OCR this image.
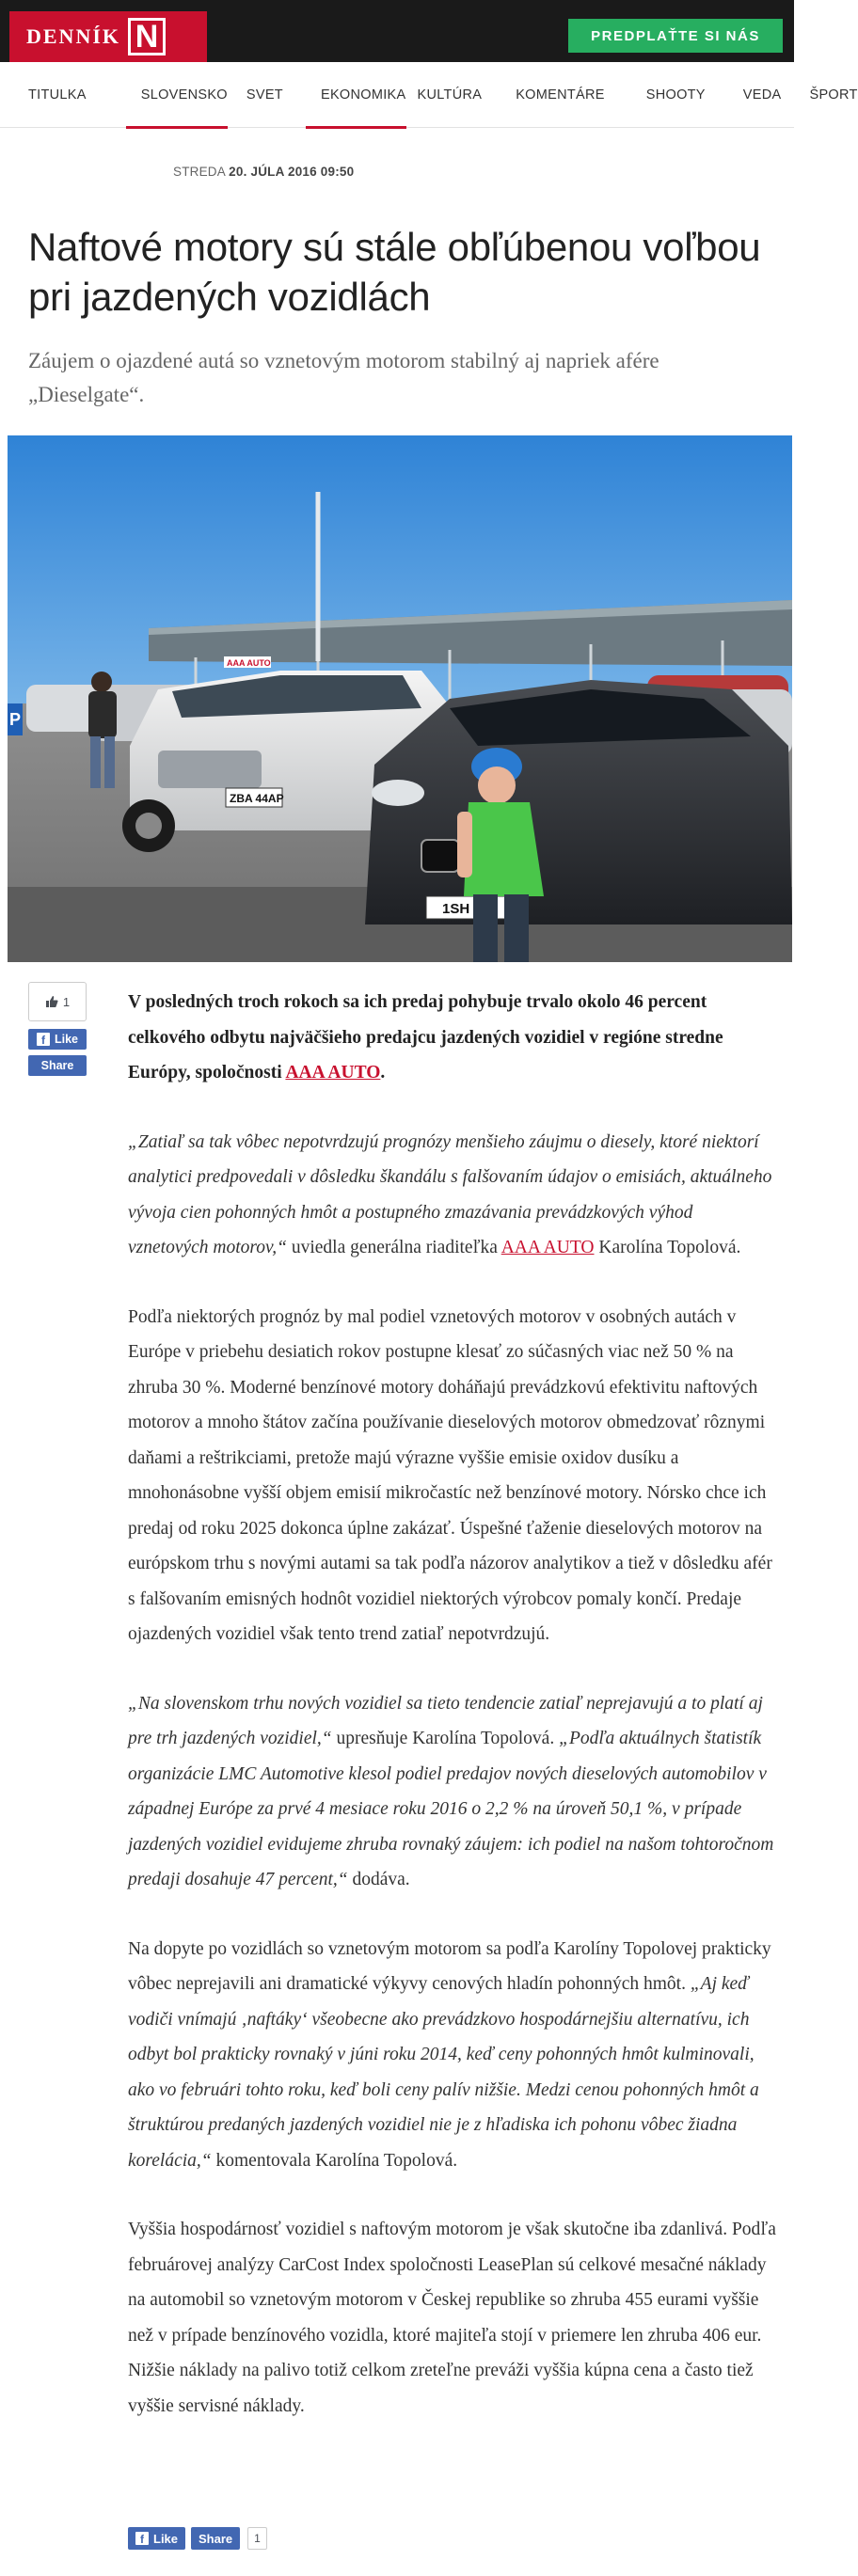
DENNÍK N	PREDPLAŤTE SI NÁS
TITULKA	SLOVENSKO SVET	EKONOMIKA KULTÚRA KOMENTÁRE	SHOOTY	VEDA ŠPORT
STREDA 20. JÚLA 2016 09:50
Naftové motory sú stále obľúbenou voľbou pri jazdených vozidlách
Záujem o ojazdené autá so vznetovým motorom stabilný aj napriek afére „Dieselgate“.
AAA AUTO
P
ZBA 44AP
1SH
1
f Like
Share

V posledných troch rokoch sa ich predaj pohybuje trvalo okolo 46 percent celkového odbytu najväčšieho predajcu jazdených vozidiel v regióne stredne Európy, spoločnosti AAA AUTO.

„Zatiaľ sa tak vôbec nepotvrdzujú prognózy menšieho záujmu o diesely, ktoré niektorí analytici predpovedali v dôsledku škandálu s falšovaním údajov o emisiách, aktuálneho vývoja cien pohonných hmôt a postupného zmazávania prevádzkových výhod vznetových motorov,“ uviedla generálna riaditeľka AAA AUTO Karolína Topolová.

Podľa niektorých prognóz by mal podiel vznetových motorov v osobných autách v Európe v priebehu desiatich rokov postupne klesať zo súčasných viac než 50 % na zhruba 30 %. Moderné benzínové motory doháňajú prevádzkovú efektivitu naftových motorov a mnoho štátov začína používanie dieselových motorov obmedzovať rôznymi daňami a reštrikciami, pretože majú výrazne vyššie emisie oxidov dusíku a mnohonásobne vyšší objem emisií mikročastíc než benzínové motory. Nórsko chce ich predaj od roku 2025 dokonca úplne zakázať. Úspešné ťaženie dieselových motorov na európskom trhu s novými autami sa tak podľa názorov analytikov a tiež v dôsledku afér s falšovaním emisných hodnôt vozidiel niektorých výrobcov pomaly končí. Predaje ojazdených vozidiel však tento trend zatiaľ nepotvrdzujú.

„Na slovenskom trhu nových vozidiel sa tieto tendencie zatiaľ neprejavujú a to platí aj pre trh jazdených vozidiel,“ upresňuje Karolína Topolová. „Podľa aktuálnych štatistík organizácie LMC Automotive klesol podiel predajov nových dieselových automobilov v západnej Európe za prvé 4 mesiace roku 2016 o 2,2 % na úroveň 50,1 %, v prípade jazdených vozidiel evidujeme zhruba rovnaký záujem: ich podiel na našom tohtoročnom predaji dosahuje 47 percent,“ dodáva.

Na dopyte po vozidlách so vznetovým motorom sa podľa Karolíny Topolovej prakticky vôbec neprejavili ani dramatické výkyvy cenových hladín pohonných hmôt. „Aj keď vodiči vnímajú ‚naftáky‘ všeobecne ako prevádzkovo hospodárnejšiu alternatívu, ich odbyt bol prakticky rovnaký v júni roku 2014, keď ceny pohonných hmôt kulminovali, ako vo februári tohto roku, keď boli ceny palív nižšie. Medzi cenou pohonných hmôt a štruktúrou predaných jazdených vozidiel nie je z hľadiska ich pohonu vôbec žiadna korelácia,“ komentovala Karolína Topolová.

Vyššia hospodárnosť vozidiel s naftovým motorom je však skutočne iba zdanlivá. Podľa februárovej analýzy CarCost Index spoločnosti LeasePlan sú celkové mesačné náklady na automobil so vznetovým motorom v Českej republike so zhruba 455 eurami vyššie než v prípade benzínového vozidla, ktoré majiteľa stojí v priemere len zhruba 406 eur. Nižšie náklady na palivo totiž celkom zreteľne preváži vyššia kúpna cena a často tiež vyššie servisné náklady.

f Like	Share	1
